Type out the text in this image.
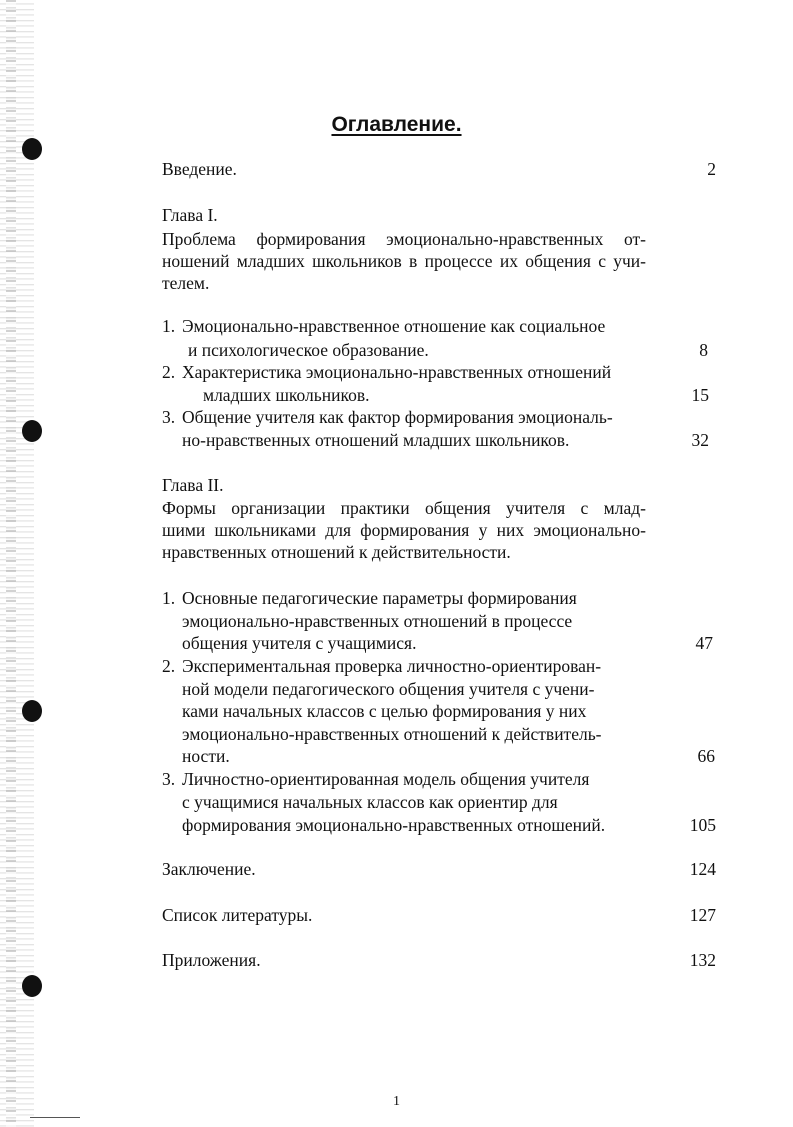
Оглавление.
Введение.	2
Глава I.
Проблема формирования эмоционально-нравственных от-
ношений младших школьников в процессе их общения с учи-
телем.
1. Эмоционально-нравственное отношение как социальное
и психологическое образование.	8
2. Характеристика эмоционально-нравственных отношений
младших школьников.	15
3. Общение учителя как фактор формирования эмоциональ-
но-нравственных отношений младших школьников.	32
Глава II.
Формы организации практики общения учителя с млад-
шими школьниками для формирования у них эмоционально-
нравственных отношений к действительности.
1. Основные педагогические параметры формирования
эмоционально-нравственных отношений в процессе
общения учителя с учащимися.	47
2. Экспериментальная проверка личностно-ориентирован-
ной модели педагогического общения учителя с учени-
ками начальных классов с целью формирования у них
эмоционально-нравственных отношений к действитель-
ности.	66
3. Личностно-ориентированная модель общения учителя
с учащимися начальных классов как ориентир для
формирования эмоционально-нравственных отношений.	105
Заключение.	124
Список литературы.	127
Приложения.	132
1
